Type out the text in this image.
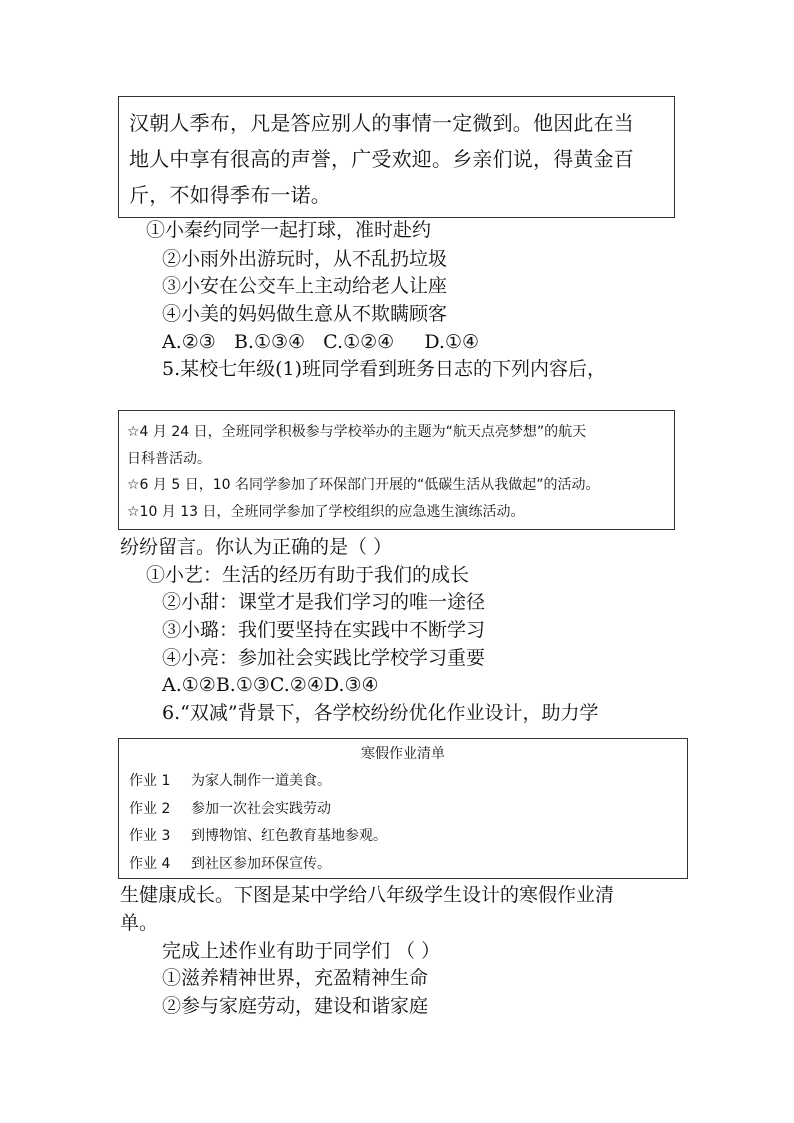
汉朝人季布，凡是答应别人的事情一定微到。他因此在当

地人中享有很高的声誉，广受欢迎。乡亲们说，得黄金百

斤，不如得季布一诺。

①小秦约同学一起打球，准时赴约
②小雨外出游玩时，从不乱扔垃圾
③小安在公交车上主动给老人让座
④小美的妈妈做生意从不欺瞒顾客
A.②③   B.①③④   C.①②④     D.①④
5.某校七年级(1)班同学看到班务日志的下列内容后，

☆4 月 24 日，全班同学积极参与学校举办的主题为“航天点亮梦想”的航天

日科普活动。

☆6 月 5 日，10 名同学参加了环保部门开展的“低碳生活从我做起”的活动。

☆10 月 13 日，全班同学参加了学校组织的应急逃生演练活动。

纷纷留言。你认为正确的是（ ）
①小艺：生活的经历有助于我们的成长
②小甜：课堂才是我们学习的唯一途径
③小璐：我们要坚持在实践中不断学习
④小亮：参加社会实践比学校学习重要
A.①②B.①③C.②④D.③④
6.“双减”背景下，各学校纷纷优化作业设计，助力学

寒假作业清单

作业 1 为家人制作一道美食。

作业 2 参加一次社会实践劳动

作业 3 到博物馆、红色教育基地参观。

作业 4 到社区参加环保宣传。

生健康成长。下图是某中学给八年级学生设计的寒假作业清
单。
完成上述作业有助于同学们 （ ）
①滋养精神世界，充盈精神生命
②参与家庭劳动，建设和谐家庭
